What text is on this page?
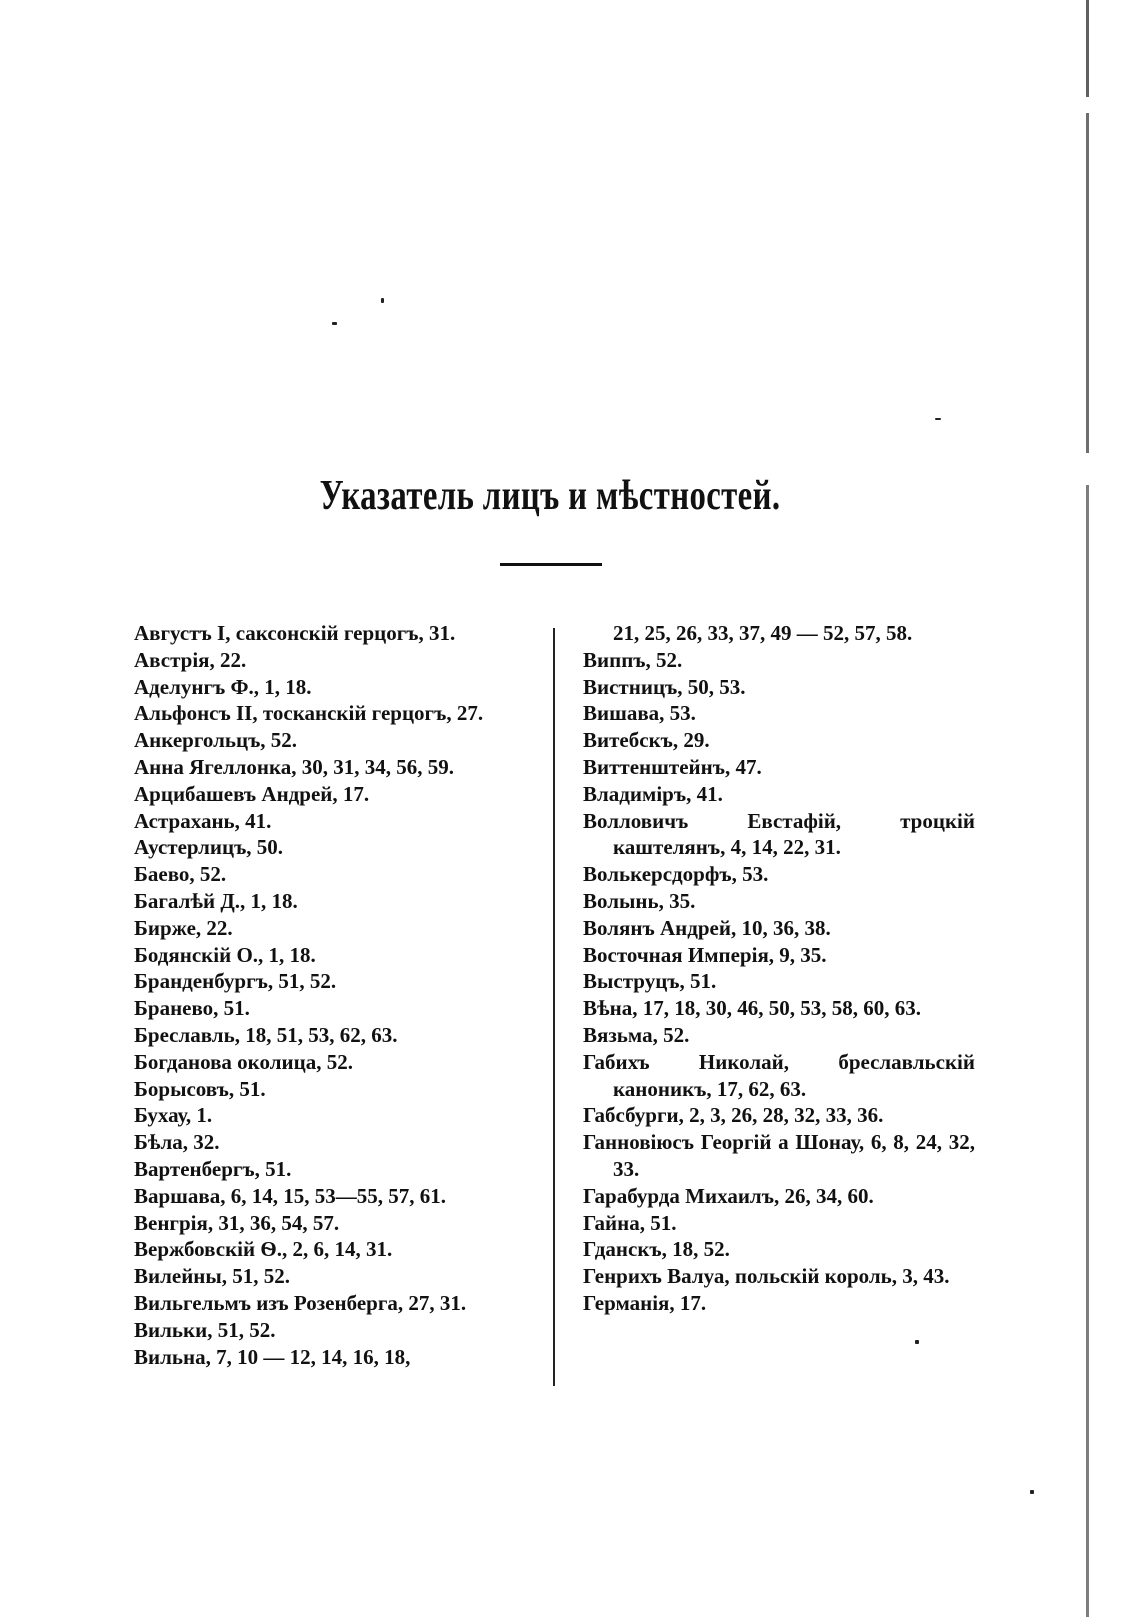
Указатель лицъ и мѣстностей.

Августъ I, саксонскій герцогъ, 31.

Австрія, 22.

Аделунгъ Ф., 1, 18.

Альфонсъ II, тосканскій герцогъ, 27.

Анкергольцъ, 52.

Анна Ягеллонка, 30, 31, 34, 56, 59.

Арцибашевъ Андрей, 17.

Астрахань, 41.

Аустерлицъ, 50.

Баево, 52.

Багалѣй Д., 1, 18.

Бирже, 22.

Бодянскій О., 1, 18.

Бранденбургъ, 51, 52.

Бранево, 51.

Бреславль, 18, 51, 53, 62, 63.

Богданова околица, 52.

Борысовъ, 51.

Бухау, 1.

Бѣла, 32.

Вартенбергъ, 51.

Варшава, 6, 14, 15, 53—55, 57, 61.

Венгрія, 31, 36, 54, 57.

Вержбовскій Ѳ., 2, 6, 14, 31.

Вилейны, 51, 52.

Вильгельмъ изъ Розенберга, 27, 31.

Вильки, 51, 52.

Вильна, 7, 10 — 12, 14, 16, 18,

21, 25, 26, 33, 37, 49 — 52, 57, 58.

Виппъ, 52.

Вистницъ, 50, 53.

Вишава, 53.

Витебскъ, 29.

Виттенштейнъ, 47.

Владиміръ, 41.

Волловичъ Евстафій, троцкій каштелянъ, 4, 14, 22, 31.

Волькерсдорфъ, 53.

Волынь, 35.

Волянъ Андрей, 10, 36, 38.

Восточная Имперія, 9, 35.

Выструцъ, 51.

Вѣна, 17, 18, 30, 46, 50, 53, 58, 60, 63.

Вязьма, 52.

Габихъ Николай, бреславльскій каноникъ, 17, 62, 63.

Габсбурги, 2, 3, 26, 28, 32, 33, 36.

Ганновіюсъ Георгій а Шонау, 6, 8, 24, 32, 33.

Гарабурда Михаилъ, 26, 34, 60.

Гайна, 51.

Гданскъ, 18, 52.

Генрихъ Валуа, польскій король, 3, 43.

Германія, 17.
